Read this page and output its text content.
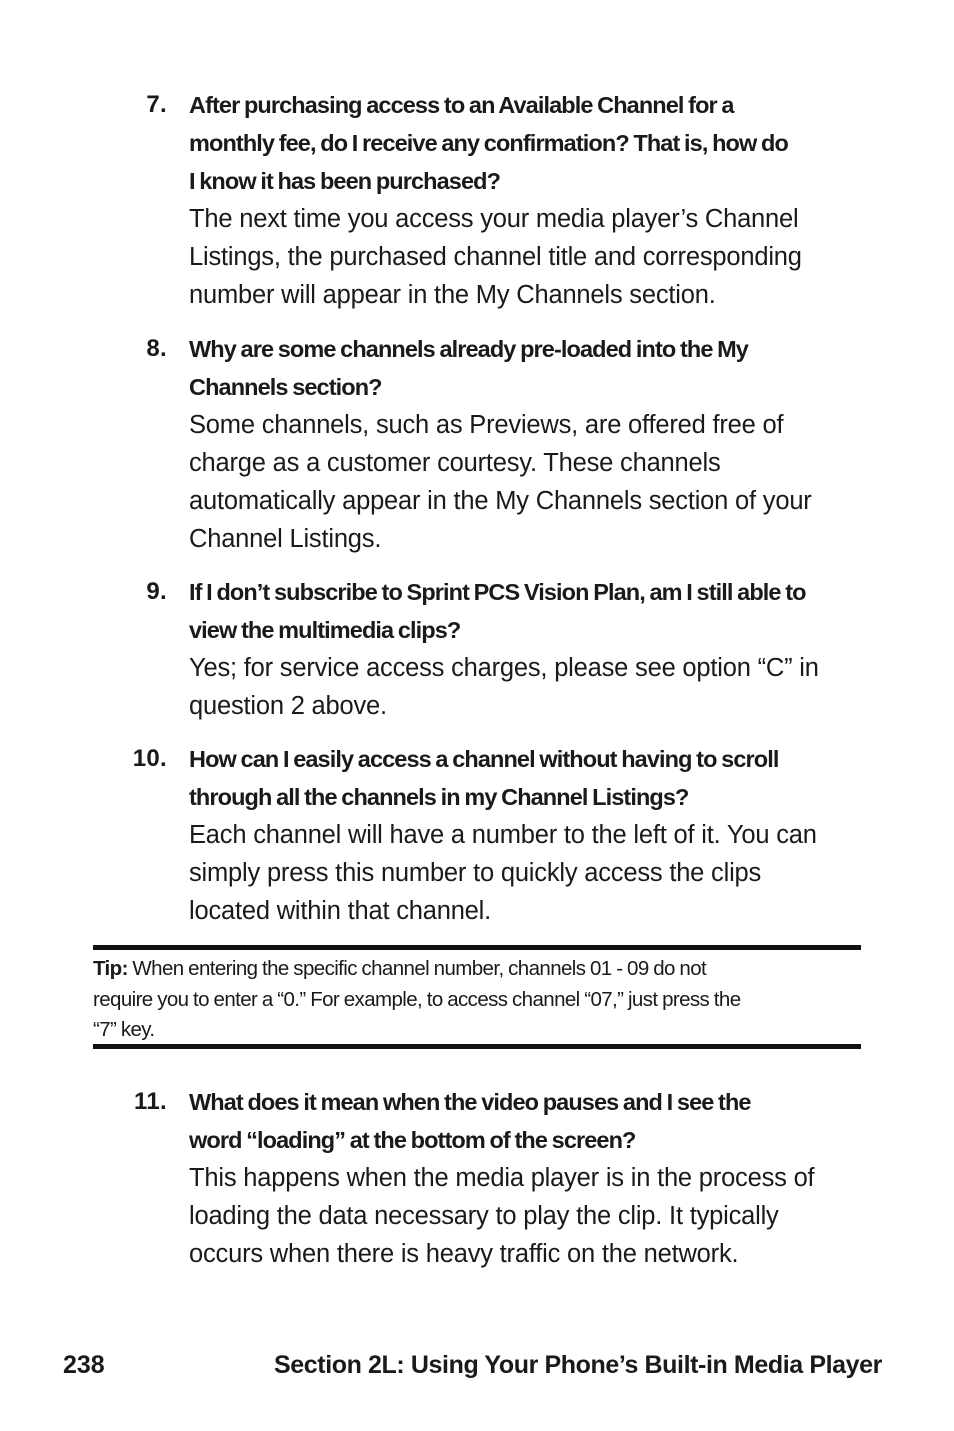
7. After purchasing access to an Available Channel for a
monthly fee, do I receive any confirmation? That is, how do
I know it has been purchased?

The next time you access your media player’s Channel
Listings, the purchased channel title and corresponding
number will appear in the My Channels section.

8. Why are some channels already pre-loaded into the My
Channels section?

Some channels, such as Previews, are offered free of
charge as a customer courtesy. These channels
automatically appear in the My Channels section of your
Channel Listings.

9. If I don’t subscribe to Sprint PCS Vision Plan, am I still able to
view the multimedia clips?

Yes; for service access charges, please see option “C” in
question 2 above.

10. How can I easily access a channel without having to scroll
through all the channels in my Channel Listings?

Each channel will have a number to the left of it. You can
simply press this number to quickly access the clips
located within that channel.

Tip: When entering the specific channel number, channels 01 - 09 do not
require you to enter a “0.” For example, to access channel “07,” just press the
“7” key.

11. What does it mean when the video pauses and I see the
word “loading” at the bottom of the screen?

This happens when the media player is in the process of
loading the data necessary to play the clip. It typically
occurs when there is heavy traffic on the network.

238	Section 2L: Using Your Phone’s Built-in Media Player
